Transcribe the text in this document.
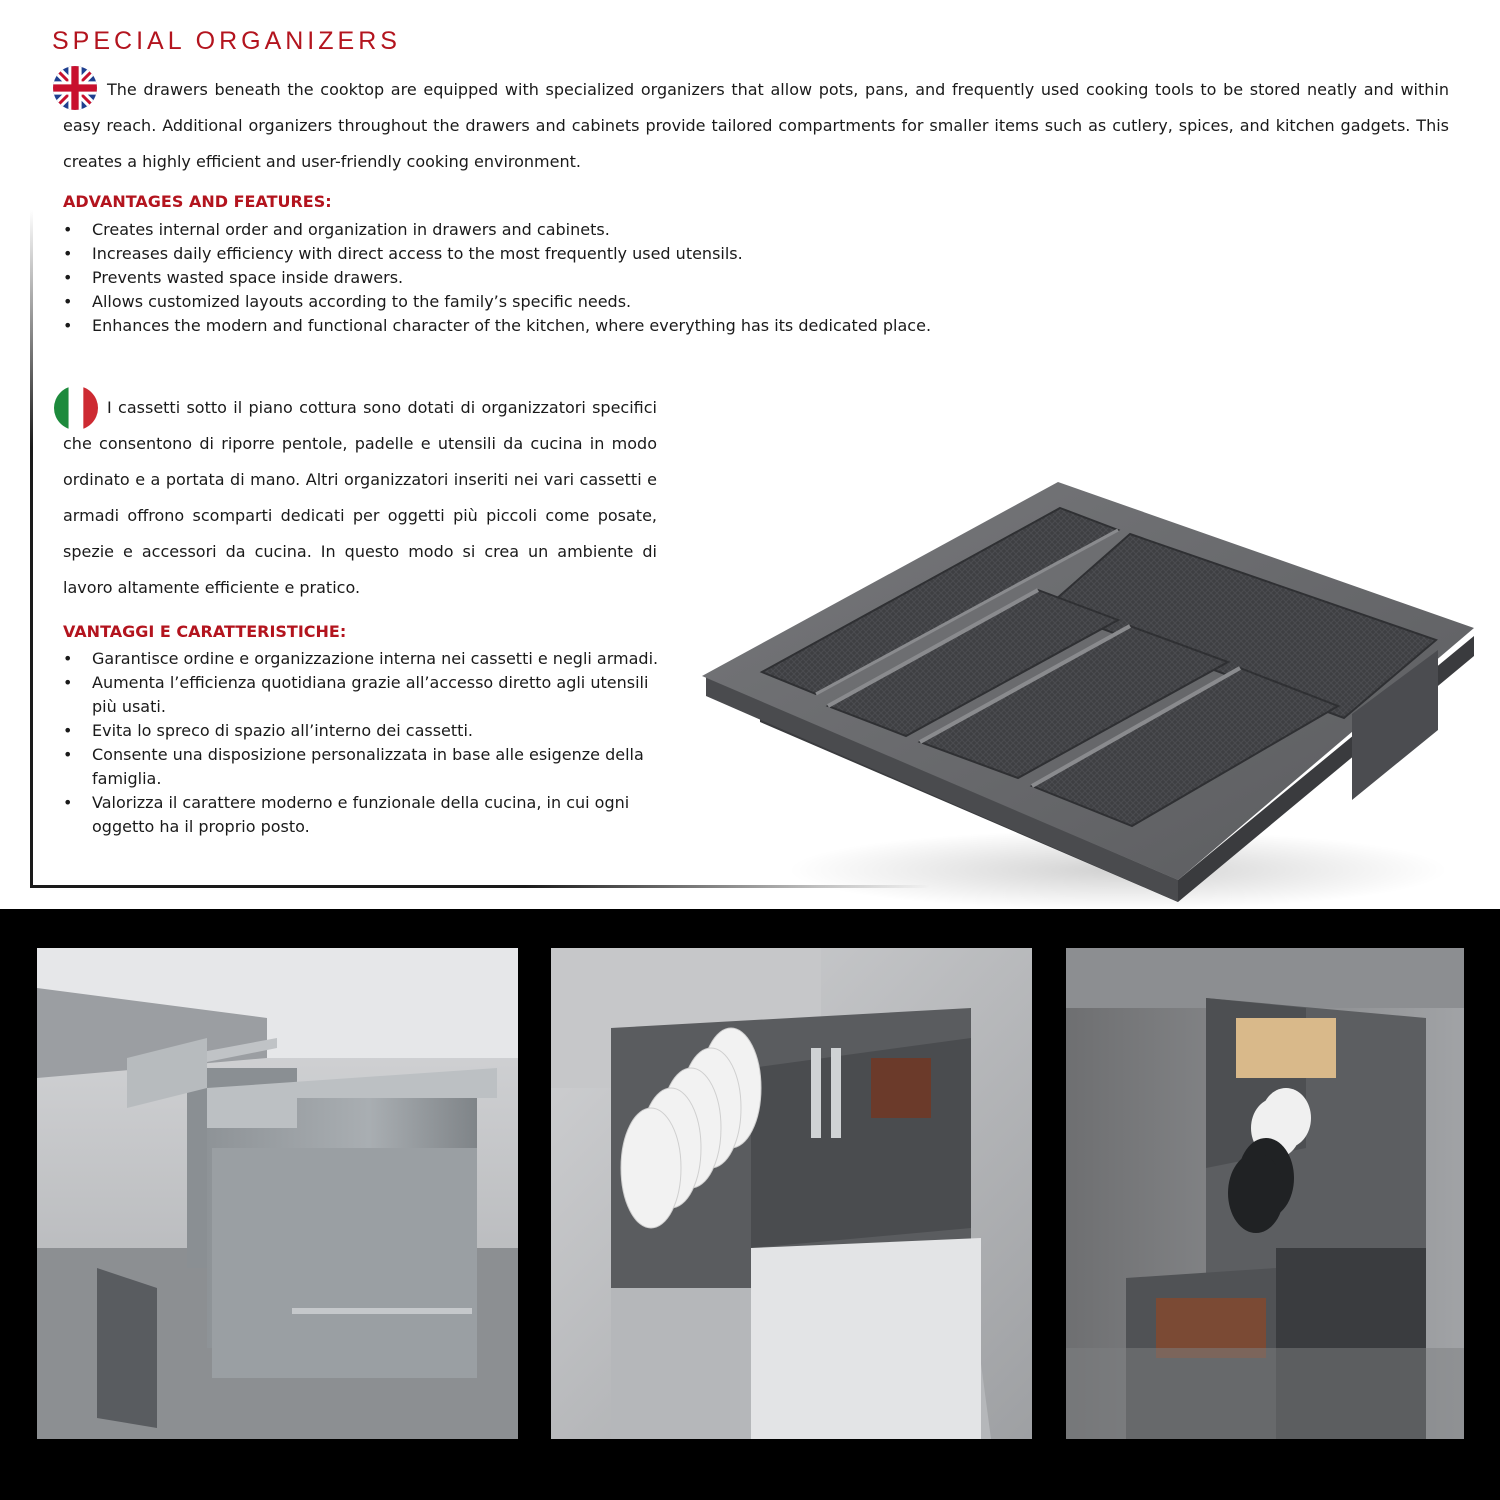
SPECIAL ORGANIZERS

The drawers beneath the cooktop are equipped with specialized organizers that allow pots, pans, and frequently used cooking tools to be stored neatly and within easy reach. Additional organizers throughout the drawers and cabinets provide tailored compartments for smaller items such as cutlery, spices, and kitchen gadgets. This creates a highly efficient and user-friendly cooking environment.

ADVANTAGES AND FEATURES:
• Creates internal order and organization in drawers and cabinets.
• Increases daily efficiency with direct access to the most frequently used utensils.
• Prevents wasted space inside drawers.
• Allows customized layouts according to the family’s specific needs.
• Enhances the modern and functional character of the kitchen, where everything has its dedicated place.

I cassetti sotto il piano cottura sono dotati di organizzatori specifici che consentono di riporre pentole, padelle e utensili da cucina in modo ordinato e a portata di mano. Altri organizzatori inseriti nei vari cassetti e armadi offrono scomparti dedicati per oggetti più piccoli come posate, spezie e accessori da cucina. In questo modo si crea un ambiente di lavoro altamente efficiente e pratico.

VANTAGGI E CARATTERISTICHE:
• Garantisce ordine e organizzazione interna nei cassetti e negli armadi.
• Aumenta l’efficienza quotidiana grazie all’accesso diretto agli utensili più usati.
• Evita lo spreco di spazio all’interno dei cassetti.
• Consente una disposizione personalizzata in base alle esigenze della famiglia.
• Valorizza il carattere moderno e funzionale della cucina, in cui ogni oggetto ha il proprio posto.
